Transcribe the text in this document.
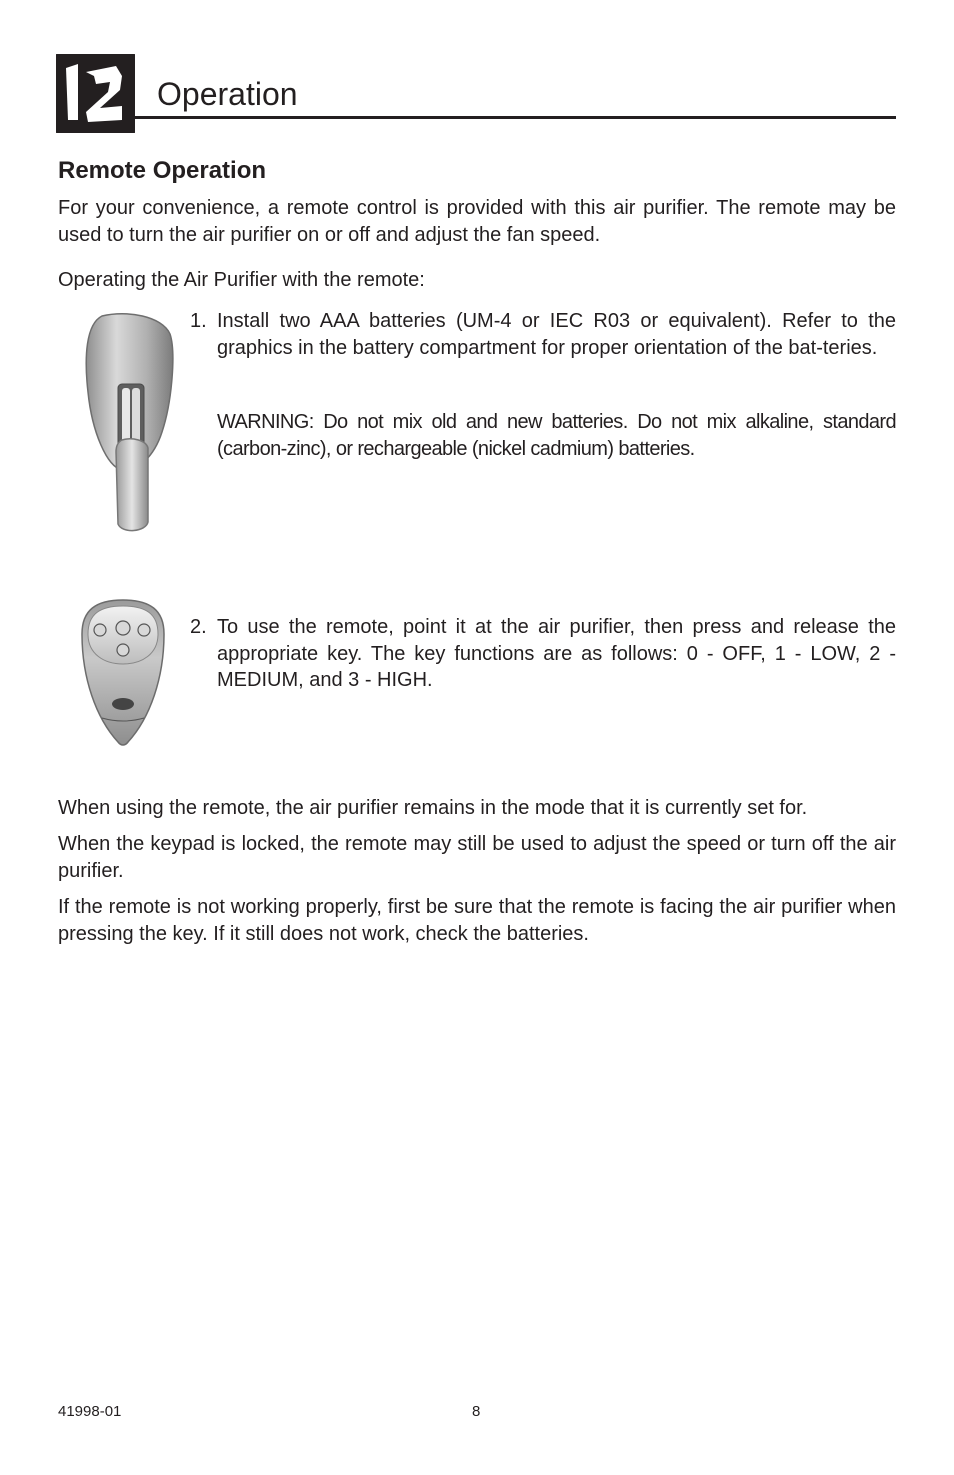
Operation
Remote Operation

For your convenience, a remote control is provided with this air purifier. The remote may be used to turn the air purifier on or off and adjust the fan speed.

Operating the Air Purifier with the remote:

1. Install two AAA batteries (UM-4 or IEC R03 or equivalent). Refer to the graphics in the battery compartment for proper orientation of the bat-teries.

WARNING: Do not mix old and new batteries. Do not mix alkaline, standard (carbon-zinc), or rechargeable (nickel cadmium) batteries.

2. To use the remote, point it at the air purifier, then press and release the appropriate key. The key functions are as follows: 0 - OFF, 1 - LOW, 2 - MEDIUM, and 3 - HIGH.

When using the remote, the air purifier remains in the mode that it is currently set for.

When the keypad is locked, the remote may still be used to adjust the speed or turn off the air purifier.

If the remote is not working properly, first be sure that the remote is facing the air purifier when pressing the key. If it still does not work, check the batteries.

41998-01	8
